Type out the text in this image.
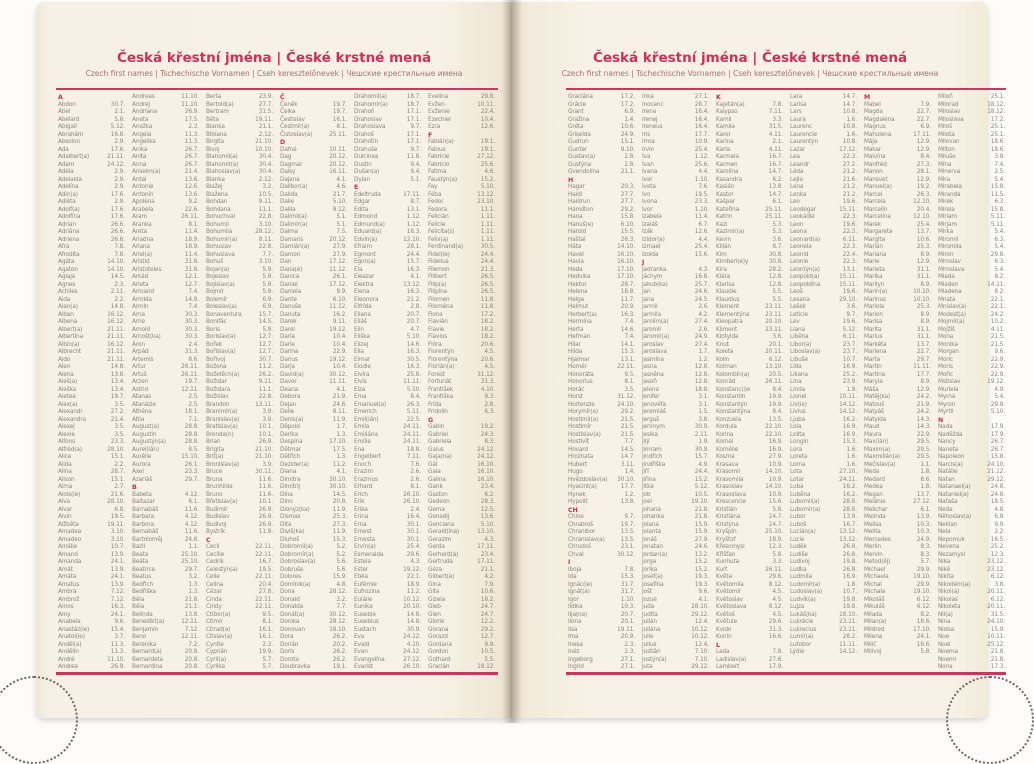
Česká křestní jména | České krstné mená
Czech first names | Tschechische Vornamen | Cseh keresztelőnevek | Чешские крестильные имена
A
Abdon	30.7.
Ábel	2.1.
Abelard	5.8.
Abigail	5.12.
Abrahám	16.8.
Absolon	2.9.
Ada	17.6.
Adalbert(a)	21.11.
Adam	24.12.
Adéla	2.9.
Adelaida	2.9.
Adelína	2.9.
Adin(a)	17.6.
Adléta	2.9.
Adolf(a)	17.6.
Adolfína	17.6.
Adrian	26.6.
Adriána	26.6.
Adriena	26.6.
Afra	7.8.
Afrodita	7.8.
Agáta	14.10.
Agaton	14.10.
Aglaja	14.5.
Agnes	2.3.
Achiles	2.11.
Aida	2.2.
Alan(a)	14.8.
Alban	16.12.
Albena	16.12.
Albert(a)	21.11.
Albertína	21.11.
Albín(a)	16.12.
Albrecht	21.11.
Aldo	21.11.
Alen	14.8.
Alena	13.8.
Aleš(a)	13.4.
Aleška	13.4.
Aletea	19.7.
Alex(a)	3.5.
Alexandr	27.2.
Alexandra	21.4.
Alexej	3.5.
Alexie	3.5.
Alfons	23.3.
Alfréd(a)	28.10.
Alice	15.1.
Alida	2.2.
Alina	28.7.
Alison	15.1.
Alma	2.7.
Alois(ie)	21.6.
Alva	28.10.
Alvar	6.8.
Alvin	19.5.
Alžběta	19.11.
Amadea	3.10.
Amadeo	3.10.
Amálie	10.7.
Amand	13.9.
Amanda	24.1.
Amát	13.9.
Amáta	24.1.
Amatus	13.9.
Ambra	7.12.
Ambrož	7.12.
Ámos	16.3.
Amy	24.1.
Anabela	9.6.
Anastáz(ie)	15.4.
Anatol(ie)	3.7.
Anděl(a)	11.3.
Andělín	11.3.
André	11.10.
Andrea	26.9.
Andreas	11.10.
Andrej	11.10.
Andriana	26.9.
Aneta	17.5.
Anežka	2.3.
Angela	11.3.
Angelika	11.3.
Anika	26.7.
Anita	26.7.
Anna	26.7.
Anselm(a)	21.4.
Antal	13.6.
Antonie	12.6.
Antonín	13.6.
Apolena	9.2.
Arabela	22.6.
Aram	26.11.
Aranka	8.1.
Areta	11.4.
Ariadna	18.9.
Ariana	18.9.
Ariel(a)	11.4.
Aristid	31.8.
Aristoteles	31.8.
Arkád	12.1.
Arleta	12.7.
Armand	7.4.
Armida	14.9.
Armin	7.4.
Arna	30.3.
Arne	30.3.
Arnold	30.3.
Arnošt(ka)	30.3.
Áron	2.4.
Árpád	31.3.
Artemis	8.6.
Artur	26.11.
Artuš	26.11.
Arzen	19.7.
Astrid	12.11.
Atanas	2.5.
Atanázie	2.5.
Athéna	18.1.
Atila	7.1.
August(a)	28.8.
Augustin	28.8.
Augustýn(a)	28.8.
Aurel(ián)	8.5.
Aurélie	15.10.
Aurora	26.1.
Axel	23.3.
Azariáš	29.7.
B
Babeta	4.12.
Baltazar	6.1.
Barnabáš	11.6.
Barbara	4.12.
Barbora	4.12.
Bernabáš	11.6.
Bartoloměj	24.8.
Bazil	1.1.
Beata	25.10.
Beáta	25.10.
Beatrice	29.7.
Beatus	3.2.
Bedřich	1.3.
Bedřiška	1.3.
Béla	21.8.
Běla	21.1.
Belinda	13.8.
Benedikt(a)	12.11.
Benjamin	7.12.
Beno	12.11.
Berenika	7.2.
Bernard(a)	20.8.
Bernardeta	20.8.
Bernardina	20.8.
Berta	23.9.
Bertold(a)	27.7.
Bertram	31.5.
Běta	19.11.
Bianka	21.1.
Bibiana	2.12.
Birgita	21.10.
Bivoj	10.10.
Blahomil(a)	30.4.
Blahomír(a)	30.4.
Blahoslav(a)	30.4.
Blanka	2.12.
Blažej	3.2.
Blažena	10.5.
Bohdan	9.11.
Bohdana	11.1.
Bohuchval	22.8.
Bohumil	3.10.
Bohumila	28.12.
Bohumír(a)	8.11.
Bohuslav	22.8.
Bohuslava	7.7.
Bohuš	3.10.
Bojan(a)	5.9.
Bojeslav	5.9.
Bojislav(a)	5.9.
Bojmír	5.9.
Bolemír	6.9.
Boleslav(a)	6.9.
Bonaventura	15.7.
Bonifác	14.5.
Boris	5.9.
Borislav(a)	12.7.
Bořek	12.7.
Bořislav(a)	12.7.
Bořivoj	30.7.
Božena	11.2.
Božetěch(a)	26.2.
Božidar	9.11.
Božidara	11.1.
Božislav	22.8.
Brandon	13.11.
Branimír(a)	3.9.
Branislav(a)	3.9.
Bratislav(a)	10.1.
Brenda(n)	10.1.
Brian	26.9.
Brigita	21.10.
Brit(a)	21.10.
Bronislav(a)	3.9.
Bruce	30.11.
Bruna	11.6.
Brunhilda	11.6.
Bruno	11.6.
Břetislav(a)	10.1.
Budimír	26.9.
Budislav	26.9.
Budivoj	26.9.
Bystrík	11.9.
C
Cecil	22.11.
Cecílie	22.11.
Cedrik	16.7.
Celestýn(a)	19.5.
Celie	22.11.
Celina	20.4.
Cézar	27.8.
Cinda	22.11.
Cindy	22.11.
Ctibor(a)	9.5.
Ctimír	8.1.
Ctirad(a)	16.1.
Ctislav(a)	16.1.
Cyntie	2.3.
Cyprián	19.9.
Cyril(a)	5.7.
Cyrilka	5.7.
Č
Čeněk	19.7.
Čelka	19.7.
Čestislav	16.1.
Čestmír(a)	8.1.
Čistoslav(a)	25.11.
D
Dafné	10.11.
Dag	20.12.
Dagmar	20.12.
Daisy	16.11.
Dajana	4.1.
Dalibor(a)	4.6.
Dalida	21.7.
Dalie	5.10.
Dalila	9.12.
Dalimil(a)	5.1.
Dalimír(a)	5.1.
Dalma	7.5.
Damaris	20.12.
Damián(a)	27.9.
Damon	27.9.
Dan	17.12.
Dana(é)	11.12.
Danica	26.1.
Daniel	17.12.
Daniela	9.9.
Dante	6.10.
Danuše	11.12.
Danuta	16.2.
Darek	9.11.
Darel	19.12.
Daria	10.4.
Darie	10.4.
Darina	22.9.
Darius	19.12.
Darja	10.4.
David(a)	30.12.
Davor	11.11.
Deana	4.1.
Debora	21.9.
Dejan	24.6.
Delie	8.11.
Denis(a)	11.9.
Děpold	1.7.
Derika	1.3.
Despina	17.10.
Dětmar	17.5.
Dětřich	1.3.
Dezider(a)	11.2.
Diana	4.1.
Dimitra	30.10.
Dimitrij	30.10.
Dina	14.5.
Dino	20.8.
Dionýz(ka)	11.9.
Dismas	25.3.
Dita	27.3.
Diviš(ka)	11.9.
Dluhoš	15.3.
Dobromil(a)	5.2.
Dobromír(a)	5.2.
Dobroslav(a)	5.6.
Dobruše	5.6.
Dolores	15.9.
Dominik(a)	4.8.
Dona	28.12.
Donald	3.2.
Donalda	7.7.
Donát(a)	30.12.
Donika	28.12.
Donovan	18.10.
Dora	26.2.
Dorián	20.2.
Doris	26.2.
Dorota	26.2.
Doubravka	19.1.
Drahomil(a)	18.7.
Drahomír(a)	18.7.
Drahoň	17.1.
Drahoslav	17.1.
Drahoslava	9.7.
Drahoš	17.1.
Drahotín	17.1.
Drahuše	9.7.
Dulcinea	11.8.
Dustin	9.4.
Dušan(a)	9.4.
Dylan	5.1.
E
Edeltruda	17.11.
Edgar	8.7.
Edita	13.1.
Edmond	1.12.
Edmund(a)	1.12.
Eduard(a)	18.3.
Edvín(a)	12.10.
Efraim	28.1.
Egmont	24.4.
Egon(a)	15.7.
Ela	16.3.
Eleazar	4.1.
Elektra	13.12.
Elena	16.3.
Eleonora	21.2.
Elfrída	2.8.
Eliana	20.7.
Eliáš	20.7.
Elin	4.7.
Eliška	5.10.
Elizej	14.6.
Ella	16.3.
Elmar	30.5.
Elodie	16.3.
Elvíra	25.8.
Elvis	11.11.
Elza	5.10.
Ema	8.4.
Emanuel(a)	26.3.
Emerich	5.11.
Emil(ián)	22.5.
Emila	24.11.
Emiliána	24.11.
Emílie	24.11.
Ena	18.8.
Engelbert	7.11.
Enoch	7.6.
Erazim	2.6.
Erazmus	2.6.
Erhard	8.1.
Erich	26.10.
Erik	26.10.
Erika	2.4.
Erina	16.4.
Erna	30.1.
Ernest	30.1.
Ernesta	30.1.
Ervín(a)	25.4.
Esmeralda	29.6.
Estela	4.3.
Ester	19.12.
Etela	22.1.
Eufémie	18.9.
Eufrozina	11.2.
Eulálie	10.12.
Eunika	20.10.
Eusebie	14.8.
Eusebius	14.8.
Eustach	30.9.
Eva	24.12.
Evald	4.10.
Evan	24.12.
Evangelína	27.12.
Evarist	26.10.
Evelína	29.8.
Evžen	10.11.
Evženie	22.4.
Ezechiel	10.4.
Ezra	12.6.
F
Fabián(a)	19.1.
Fabius	19.1.
Fabricie	27.12.
Fabricio	25.6.
Fatima	4.6.
Faustýn(a)	15.2.
Fay	5.10.
Féba	13.12.
Fedor	23.10.
Fedora	11.1.
Felicián	1.11.
Felície	1.11.
Felicita(s)	1.11.
Felix(a)	1.11.
Ferdinand(a)	30.5.
Fidel(ie)	24.4.
Fidelius	24.4.
Filemon	21.3.
Filibert	26.5.
Filip(a)	26.5.
Filipína	26.5.
Filomen	11.8.
Filoména	11.8.
Fiona	17.2.
Flavián	18.2.
Flavie	18.2.
Flavius	18.2.
Flóra	20.6.
Florentýn	4.5.
Florentýna	20.6.
Florián(a)	4.5.
Forest	31.12.
Fortunát	31.3.
František	4.10.
Františka	9.3.
Frída	2.8.
Fridolín	6.3.
G
Gabin	19.2.
Gabriel	24.3.
Gabriela	8.3.
Gaius	24.12.
Gaja(na)	24.12.
Gál	16.10.
Gala	16.10.
Galina	16.10.
Garik	23.4.
Gaston	6.2.
Gedeon	28.3.
Gema	12.5.
Genadij	13.6.
Genciana	5.10.
Gerald(ína)	13.10.
Gerazim	4.3.
Gerda	17.11.
Gerhard(a)	23.4.
Gertruda	17.11.
Géza	21.1.
Gilbert(a)	4.2.
Gina	7.9.
Gita	10.6.
Gizela	18.2.
Gleb	24.7.
Glen	24.7.
Glorie	12.2.
Gorana	29.2.
Gorazd	12.7.
Gordana	9.9.
Gordon	10.5.
Gothard	5.5.
Gracián	18.12.
Česká křestní jména | České krstné mená
Czech first names | Tschechische Vornamen | Cseh keresztelőnevek | Чешские крестильные имена
Graciána	17.2.
Grácie	17.2.
Grant	6.9.
Gražina	1.4.
Gréta	10.6.
Griselda	24.9.
Gudrun	15.1.
Gunter	9.10.
Gustav(a)	2.8.
Gustýna	2.8.
Gvendolína	21.1.
H
Hagar	20.3.
Haidi	27.7.
Haidrun	27.7.
Hamilton	29.2.
Hana	15.8.
Hanuš(e)	6.10.
Harold	15.5.
Haštal	26.3.
Háta	14.10.
Havel	16.10.
Havla	16.10.
Heda	17.10.
Hedvika	17.10.
Hektor	28.7.
Helena	18.8.
Helga	11.7.
Helmut	20.9.
Herbert(a)	16.3.
Hermína	7.4.
Herta	14.6.
Heřman	7.4.
Hilar	14.1.
Hilda	15.3.
Hjalmar	13.1.
Homér	22.11.
Honoráta	9.5.
Honorius	8.1.
Horác	3.5.
Horst	31.12.
Hortenzie	24.10.
Horymír(a)	29.2.
Hostimil(a)	21.5.
Hostimír	21.5.
Hostislav(a)	21.5.
Hostivít	7.7.
Hovard	14.5.
Hroznata	14.7.
Hubert	3.11.
Hugo	1.4.
Hvězdoslav(a) 30.10.
Hyacint(a)	17.7.
Hynek	1.2.
Hypolit	13.8.
CH
Chloe	9.7.
Chrabroš	19.7.
Chranibor	13.5.
Chranislav(a)	13.5.
Chrudoš	23.1.
Chval	30.12.
I
Iboja	7.8.
Ida	15.3.
Ignác(ie)	31.7.
Ignát(a)	31.7.
Igor	1.10.
Ildika	10.3.
Ilja(na)	20.7.
Ilona	20.1.
Ilsa	19.11.
Ima	20.9.
Inesa	2.3.
Inéz	2.3.
Ingeborg	27.1.
Ingrid	27.1.
Inka	27.1.
Inocenc	28.7.
Irena	16.4.
Irenej	16.4.
Ireneus	16.4.
Iris	17.7.
Irma	10.9.
Irvin	25.4.
Iva	1.12.
Ivan	25.6.
Ivana	4.4.
Ivar	1.10.
Iveta	7.6.
Ivo	19.5.
Ivona	23.3.
Ivor	1.10.
Izabela	11.4.
Izaiáš	6.7.
Izák	12.6.
Izidor(a)	4.4.
Izmael	25.4.
Izolda	15.6.
J
Jadranka	4.3.
Jáchym	16.8.
Jakub(ka)	25.7.
Jan	24.6.
Jana	24.5.
Jarmil	2.6.
Jarmila	4.2.
Jarolím(a)	27.4.
Jaromil	2.6.
Jaromír(a)	24.9.
Jaroslav	27.4.
Jaroslava	1.7.
Jasmína	1.2.
Jasna	12.8.
Jasněna	12.8.
Jasoň	12.8.
Jelena	18.8.
Jenifer	3.1.
Jenovéfa	3.1.
Jeremiáš	1.5.
Jerguš	3.8.
Jeronym	30.9.
Jesika	2.11.
Jiljí	1.9.
Jimram	30.9.
Jindřich	15.7.
Jindřiška	4.9.
Jiří	24.4.
Jiřina	15.2.
Jitka	5.12.
Job	10.5.
Joel	19.10.
Johana	21.8.
Johanka	21.8.
Jolana	15.9.
Jolanta	15.9.
Jonáš	27.9.
Jonatan	24.6.
Jordan(a)	13.2.
Jorga	15.2.
Jorika	15.2.
Josef(a)	19.3.
Josefína	19.3.
Jošt	9.6.
Jozue	4.1.
Juda	28.10.
Judita	29.12.
Julián	12.4.
Juliána	10.12.
Julie	10.12.
Julius	12.4.
Justián	7.10.
Justýn(a)	7.10.
Juta	29.12.
K
Kajetán(a)	7.8.
Kalypso	7.11.
Kamil	3.3.
Kamila	31.5.
Karel	4.11.
Karina	2.1.
Karla	4.11.
Karmela	16.7.
Karmen	16.7.
Karolína	14.7.
Kasandra	6.2.
Kasián	13.8.
Kastor	14.7.
Kašpar	6.1.
Kateřina	25.11.
Katrin	25.11.
Kazi	5.3.
Kazimír(a)	5.3.
Kevin	3.6.
Kilián	8.7.
Kim	30.8.
Kimberl(e)y	30.8.
Kira	28.2.
Klára	12.8.
Klarisa	12.8.
Klaudie	5.5.
Klaudius	5.5.
Klement	23.11.
Klementýna	23.11.
Kleopatra	20.10.
Kliment	23.11.
Klotylda	3.6.
Knut	20.1.
Koleta	20.11.
Kolin	6.12.
Kolman	13.10.
Kolombín(a)	20.5.
Konrád	26.11.
Konstanc(i)e	8.4.
Konstantin	19.9.
Konstantýn	19.9.
Konstantýna	8.4.
Konzuela	13.5.
Kordula	22.10.
Korina	22.10.
Kornel	16.9.
Kornélie	16.9.
Kosma	27.9.
Krasava	10.9.
Krasomil	14.10.
Krasomila	10.9.
Krasoslav	14.10.
Krasoslava	10.9.
Krescencie	15.6.
Kristián	5.8.
Kristiána	24.7.
Kristýna	24.7.
Kryšpín	25.10.
Kryštof	18.9.
Křesomysl	12.3.
Křišťan	5.8.
Kunhuta	3.3.
Kurt	26.11.
Květa	29.6.
Květomila	8.12.
Květomír	4.5.
Květoslav	4.5.
Květoslava	8.12.
Květoš	4.5.
Květule	29.6.
Kvido	31.3.
Kvirin	16.6.
L
Lada	7.8.
Ladislav(a)	27.6.
Lambert	17.9.
Lara	14.7.
Larisa	14.7.
Lars	10.8.
Laura	1.6.
Laurenc	10.8.
Laurencie	1.6.
Laurentýn	10.8.
Lazar	17.12.
Lea	22.3.
Leandr	27.2.
Léda	21.2.
Lejla	21.6.
Lena	21.2.
Lenka	21.2.
Leo	19.6.
Leodegar	15.11.
Leokádie	22.3.
Leon	19.6.
Leona	22.3.
Leonard(a)	6.11.
Leonela	22.3.
Leonid	22.4.
Leonie	22.3.
Leontýn(a)	13.1.
Leopold(a)	15.11.
Leopoldína	15.11.
Leoš	19.6.
Lesana	29.10.
Lešek	3.6.
Leticie	9.7.
Lev	19.6.
Liana	5.12.
Liběna	6.11.
Libor(a)	23.7.
Liboslav(a)	23.7.
Libuše	10.7.
Lída	16.9.
Liliana	25.2.
Lina	23.9.
Linda	1.9.
Lionel	10.11.
Liv(ie)	14.12.
Livius	14.12.
Ljuba	16.2.
Lola	16.9.
Lolita	16.9.
Longin	15.3.
Lora	1.6.
Loreta	1.6.
Lorna	1.6.
Lota	27.10.
Lotar	24.11.
Luba	16.2.
Luběna	16.2.
Lubomil(a)	28.6.
Lubomír(a)	28.6.
Lubor	13.9.
Luboš	16.7.
Lucián(a)	13.12.
Lucie	13.12.
Luděk	26.8.
Ludiše	26.8.
Ludivoj	19.8.
Luďka	26.8.
Ludmila	16.9.
Ludomír(a)	1.8.
Ludoslav(a)	10.7.
Ludvík(a)	19.8.
Lujza	19.8.
Lukáš(ka)	18.10.
Lukrécie	23.11.
Lukrecius	23.11.
Lumír(a)	28.2.
Lutobor	11.11.
Lýdie	14.12.
M
Mabel	7.9.
Magda	22.7.
Magdaléna	22.7.
Magnus	6.9.
Mahulena	17.11.
Mája	12.9.
Makar	12.9.
Malvína	8.4.
Manfréd	27.3.
Manon	28.1.
Mansvet	12.9.
Manuel(a)	19.2.
Marcel	26.3.
Marcela	12.10.
Marcelín	20.4.
Marcelína	12.10.
Marek	25.4.
Margareta	13.7.
Margita	10.6.
Marián	25.3.
Mariana	8.9.
Marie	12.9.
Marieta	31.1.
Marika	31.1.
Marilyn	8.9.
Marin(a)	10.10.
Marinus	10.10.
Mariola	25.3.
Marion	8.9.
Marisa	8.9.
Marita	31.1.
Marius	31.1.
Markéta	13.7.
Marlena	22.7.
Marta	29.7.
Martin	11.11.
Martina	17.7.
Maryla	8.9.
Máša	12.9.
Matěj(ka)	24.2.
Matouš	21.9.
Matyáš	24.2.
Matylda	14.3.
Maud	14.3.
Maura	22.9.
Max(ián)	29.5.
Maxim(a)	29.5.
Maxmilián(a)	29.5.
Mečislav(a)	1.1.
Meda	1.8.
Medard	8.6.
Medea	1.8.
Megan	13.7.
Melánie	27.12.
Melichar	6.1.
Melinda	13.9.
Melisa	10.3.
Melita	10.3.
Mercedes	24.9.
Merlin	8.3.
Mervin	8.3.
Metod(ěj)	5.7.
Michael	29.9.
Michaela	19.10.
Michal	29.9.
Michala	19.10.
Mikoláš	6.12.
Mikuláš	6.12.
Milada	8.2.
Milan(a)	18.6.
Mildred	17.10.
Milena	24.1.
Milič	18.6.
Milivoj	5.8.
Miloň	25.1.
Milorad	18.12.
Miloslav	18.12.
Miloslava	17.2.
Miloš	25.1.
Milota	25.1.
Milovan	18.6.
Milton	18.6.
Miluše	3.8.
Mína	7.4.
Minerva	2.5.
Mira	5.4.
Mirabela	15.8.
Miranda	11.5.
Mirek	6.3.
Mirela	15.8.
Miriam	5.11.
Mirjam	5.11.
Mirka	5.4.
Miromil	6.3.
Miromila	5.4.
Miron	29.8.
Miroslav	6.3.
Miroslava	5.4.
Mlada	8.2.
Mladen	14.11.
Mladena	8.2.
Mnata	22.1.
Mnislav(a)	22.1.
Modest(a)	24.2.
Mojmír(a)	10.2.
Mojžíš	4.11.
Mona	21.5.
Monika	21.5.
Morgan	9.6.
Moric	22.9.
Moris	22.9.
Mořic	22.9.
Mstislav	19.12.
Muriela	4.9.
Myrna	5.4.
Myron	29.8.
Myrtil	5.10.
N
Nada	17.9.
Naděžda	17.9.
Nancy	26.7.
Naneta	26.7.
Napoleon	15.8.
Narcis(a)	24.10.
Natálie	21.12.
Natan	29.12.
Natanael(a)	24.8.
Nataniel(a)	24.8.
Nataša	18.5.
Neda	4.8.
Něhoslav(a)	6.8.
Neklan	9.9.
Nela	2.2.
Nepomuk	16.5.
Nevena	25.2.
Nezamysl	12.3.
Nika	23.12.
Niké	23.12.
Nikita	6.12.
Nikodém(a)	3.8.
Nikol(a)	20.11.
Nikolas	6.12.
Nikoleta	20.11.
Nil(a)	31.5.
Nina	24.10.
Nioba	15.9.
Noe	10.11.
Noel	25.12.
Noema	21.8.
Noemi	21.8.
Nona	17.3.
